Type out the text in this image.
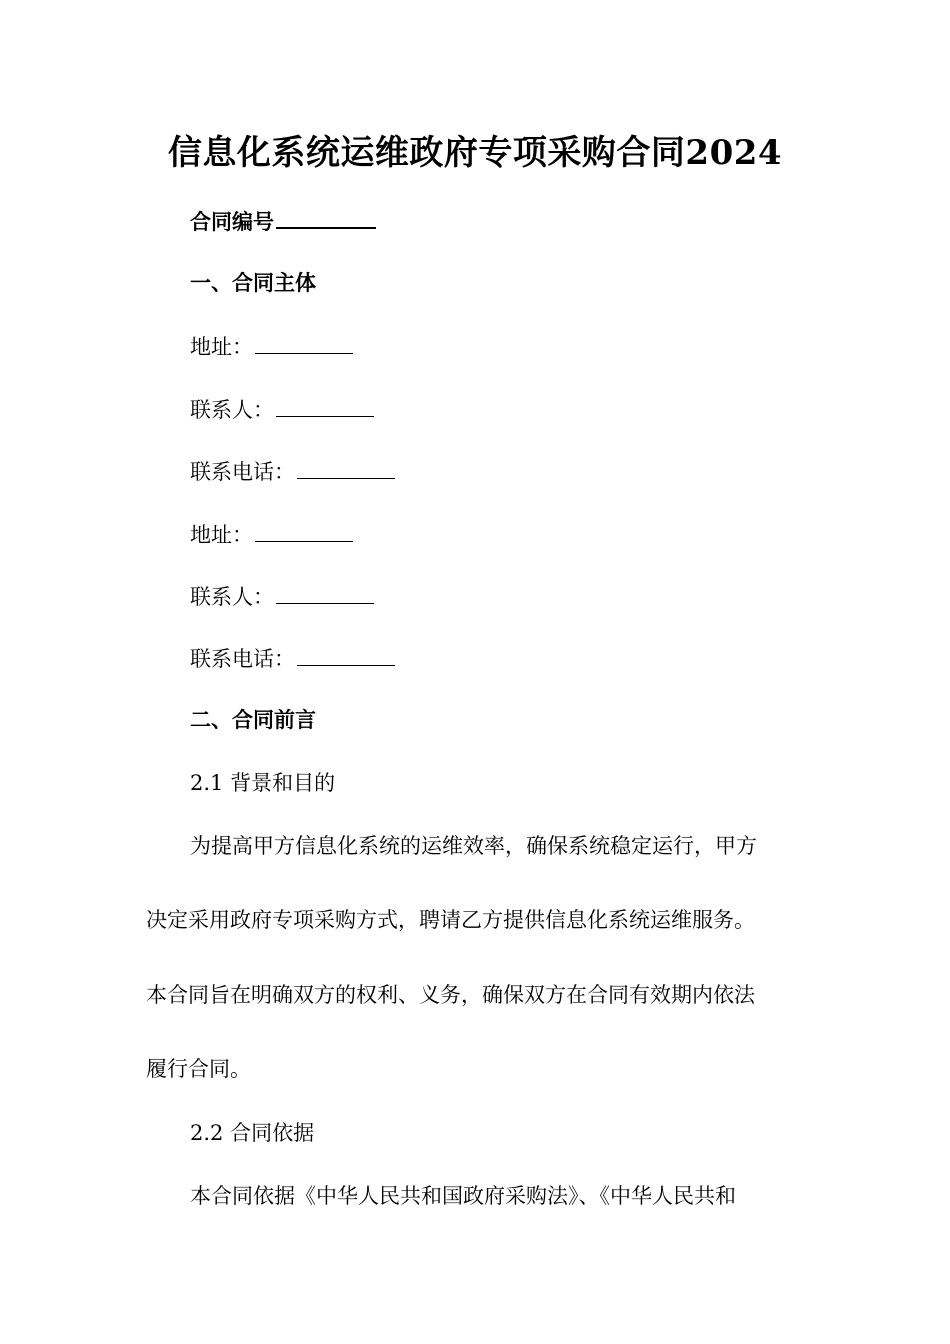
信息化系统运维政府专项采购合同2024
合同编号
一、合同主体
地址：
联系人：
联系电话：
地址：
联系人：
联系电话：
二、合同前言
2.1 背景和目的
为提高甲方信息化系统的运维效率，确保系统稳定运行，甲方
决定采用政府专项采购方式，聘请乙方提供信息化系统运维服务。
本合同旨在明确双方的权利、义务，确保双方在合同有效期内依法
履行合同。
2.2 合同依据
本合同依据《中华人民共和国政府采购法》、《中华人民共和
